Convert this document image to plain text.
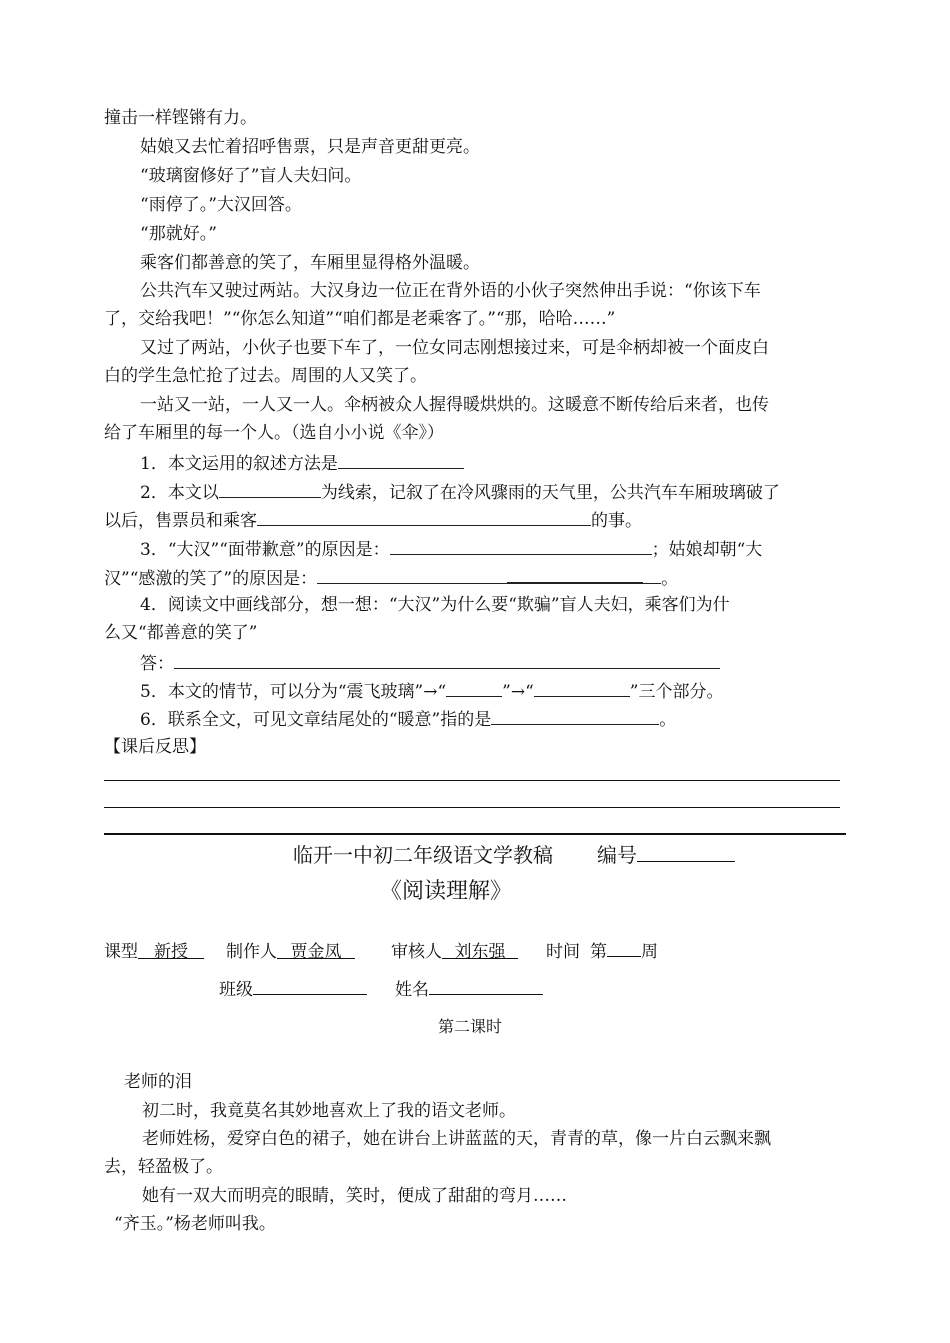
撞击一样铿锵有力。
姑娘又去忙着招呼售票，只是声音更甜更亮。
“玻璃窗修好了”盲人夫妇问。
“雨停了。”大汉回答。
“那就好。”
乘客们都善意的笑了，车厢里显得格外温暖。
公共汽车又驶过两站。大汉身边一位正在背外语的小伙子突然伸出手说：“你该下车
了，交给我吧！”“你怎么知道”“咱们都是老乘客了。”“那，哈哈……”
又过了两站，小伙子也要下车了，一位女同志刚想接过来，可是伞柄却被一个面皮白
白的学生急忙抢了过去。周围的人又笑了。
一站又一站，一人又一人。伞柄被众人握得暖烘烘的。这暖意不断传给后来者，也传
给了车厢里的每一个人。（选自小小说《伞》）
1．本文运用的叙述方法是
2．本文以	为线索，记叙了在冷风骤雨的天气里，公共汽车车厢玻璃破了
以后，售票员和乘客	的事。
3．“大汉”“面带歉意”的原因是：	；姑娘却朝“大
汉”“感激的笑了”的原因是：	。
4．阅读文中画线部分，想一想：“大汉”为什么要“欺骗”盲人夫妇，乘客们为什
么又“都善意的笑了”
答：
5．本文的情节，可以分为“震飞玻璃”→“	”→“	”三个部分。
6．联系全文，可见文章结尾处的“暖意”指的是	。
【课后反思】
临开一中初二年级语文学教稿 编号
《阅读理解》
课型 新授 制作人 贾金凤	审核人 刘东强 时间 第 周
班级	姓名
第二课时
老师的泪
初二时，我竟莫名其妙地喜欢上了我的语文老师。
老师姓杨，爱穿白色的裙子，她在讲台上讲蓝蓝的天，青青的草，像一片白云飘来飘
去，轻盈极了。
她有一双大而明亮的眼睛，笑时，便成了甜甜的弯月……
“齐玉。”杨老师叫我。
